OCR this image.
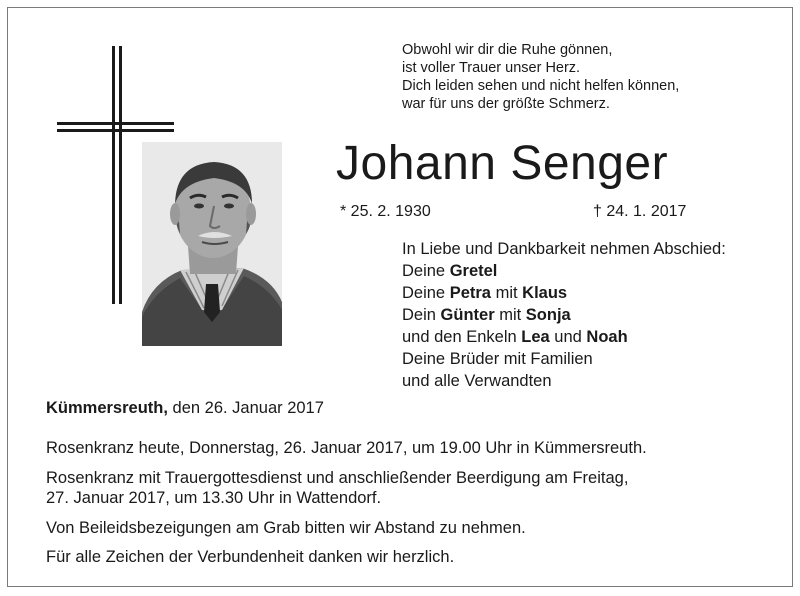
Obwohl wir dir die Ruhe gönnen,
ist voller Trauer unser Herz.
Dich leiden sehen und nicht helfen können,
war für uns der größte Schmerz.
Johann Senger
* 25. 2. 1930	† 24. 1. 2017
In Liebe und Dankbarkeit nehmen Abschied:
Deine Gretel
Deine Petra mit Klaus
Dein Günter mit Sonja
und den Enkeln Lea und Noah
Deine Brüder mit Familien
und alle Verwandten
Kümmersreuth, den 26. Januar 2017
Rosenkranz heute, Donnerstag, 26. Januar 2017, um 19.00 Uhr in Kümmersreuth.
Rosenkranz mit Trauergottesdienst und anschließender Beerdigung am Freitag,
27. Januar 2017, um 13.30 Uhr in Wattendorf.
Von Beileidsbezeigungen am Grab bitten wir Abstand zu nehmen.
Für alle Zeichen der Verbundenheit danken wir herzlich.
